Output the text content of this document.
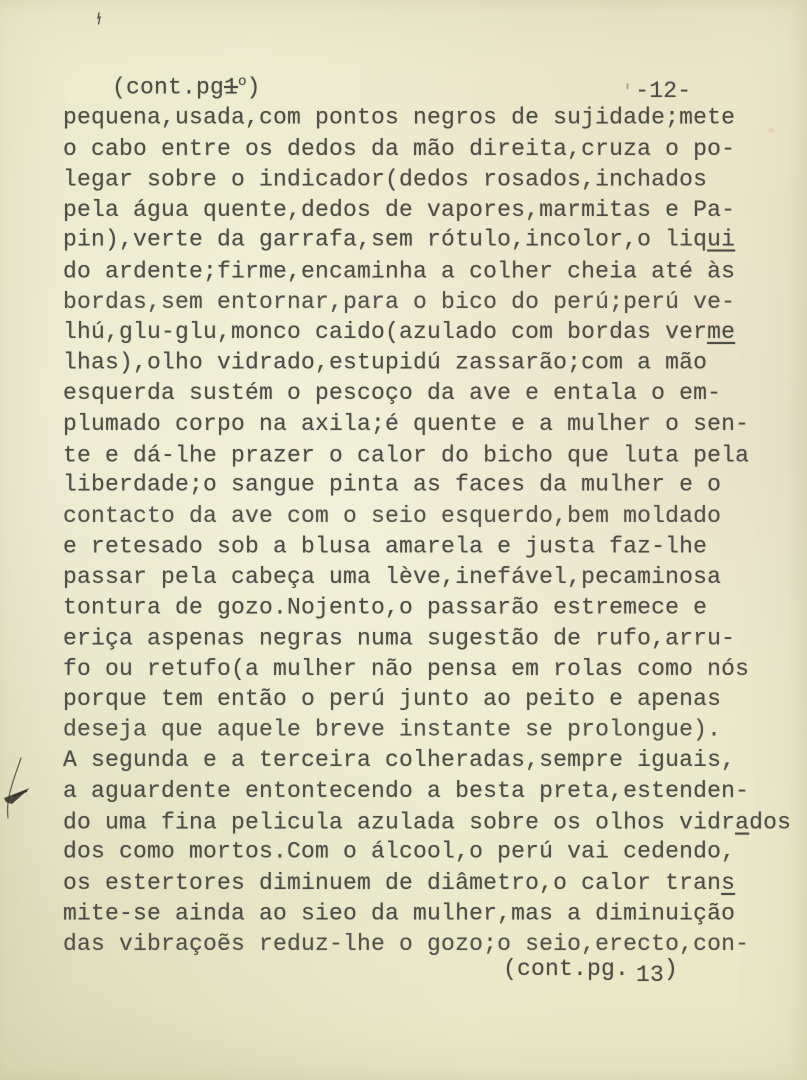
(cont.pg1$^o$)	'-12-
pequena,usada,com pontos negros de sujidade;mete
o cabo entre os dedos da mão direita,cruza o po-
legar sobre o indicador(dedos rosados,inchados
pela água quente,dedos de vapores,marmitas e Pa-
pin),verte da garrafa,sem rótulo,incolor,o liqui
do ardente;firme,encaminha a colher cheia até às
bordas,sem entornar,para o bico do perú;perú ve-
lhú,glu-glu,monco caido(azulado com bordas verme
lhas),olho vidrado,estupidú zassarão;com a mão
esquerda sustém o pescoço da ave e entala o em-
plumado corpo na axila;é quente e a mulher o sen-
te e dá-lhe prazer o calor do bicho que luta pela
liberdade;o sangue pinta as faces da mulher e o
contacto da ave com o seio esquerdo,bem moldado
e retesado sob a blusa amarela e justa faz-lhe
passar pela cabeça uma lève,inefável,pecaminosa
tontura de gozo.Nojento,o passarão estremece e
eriça aspenas negras numa sugestão de rufo,arru-
fo ou retufo(a mulher não pensa em rolas como nós
porque tem então o perú junto ao peito e apenas
deseja que aquele breve instante se prolongue).
A segunda e a terceira colheradas,sempre iguais,
a aguardente entontecendo a besta preta,estenden-
do uma fina pelicula azulada sobre os olhos vidrados
dos como mortos.Com o álcool,o perú vai cedendo,
os estertores diminuem de diâmetro,o calor trans
mite-se ainda ao sieo da mulher,mas a diminuição
das vibraçoẽs reduz-lhe o gozo;o seio,erecto,con-
(cont.pg. 13)
